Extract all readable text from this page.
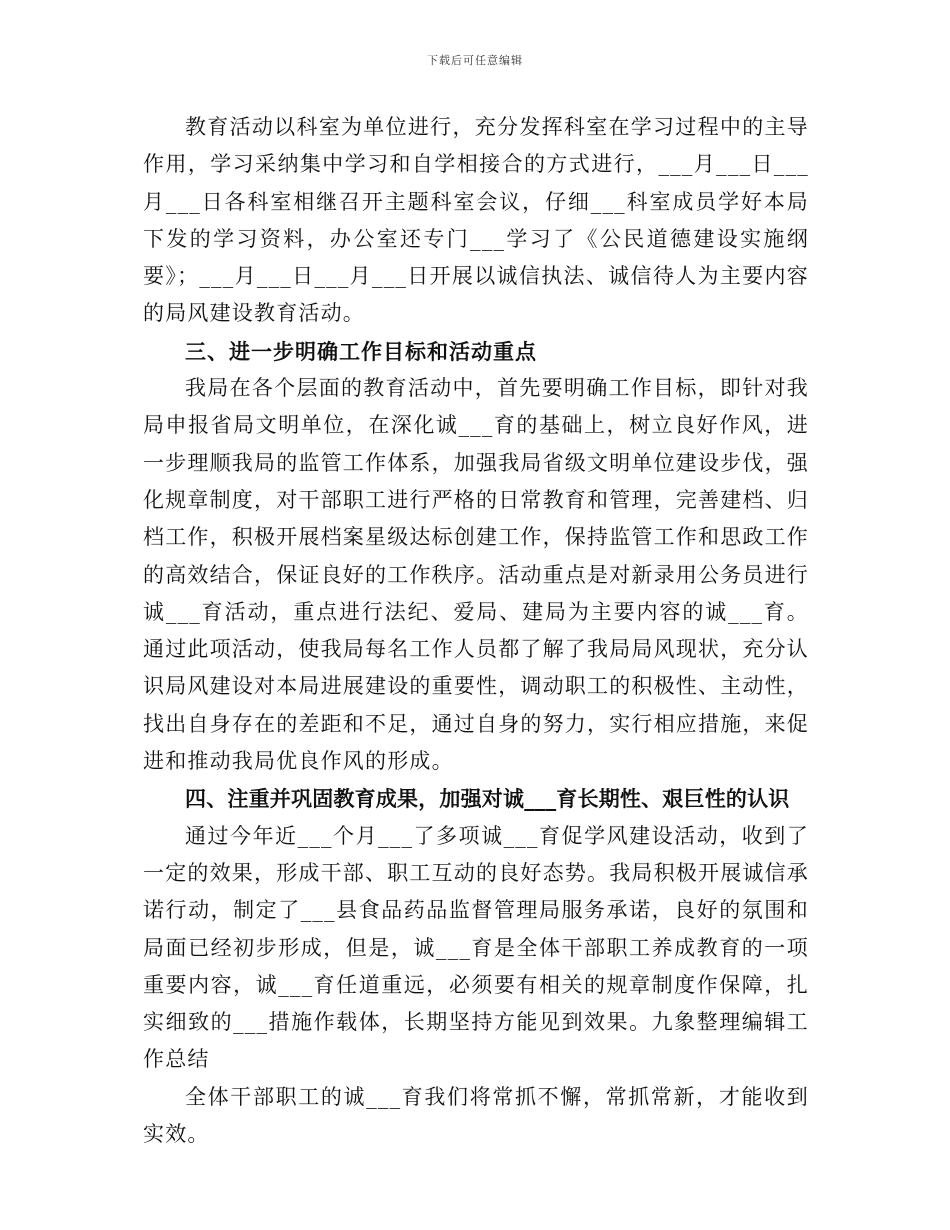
下载后可任意编辑

教育活动以科室为单位进行，充分发挥科室在学习过程中的主导作用，学习采纳集中学习和自学相接合的方式进行，___月___日___月___日各科室相继召开主题科室会议，仔细___科室成员学好本局下发的学习资料，办公室还专门___学习了《公民道德建设实施纲要》；___月___日___月___日开展以诚信执法、诚信待人为主要内容的局风建设教育活动。

三、进一步明确工作目标和活动重点

我局在各个层面的教育活动中，首先要明确工作目标，即针对我局申报省局文明单位，在深化诚___育的基础上，树立良好作风，进一步理顺我局的监管工作体系，加强我局省级文明单位建设步伐，强化规章制度，对干部职工进行严格的日常教育和管理，完善建档、归档工作，积极开展档案星级达标创建工作，保持监管工作和思政工作的高效结合，保证良好的工作秩序。活动重点是对新录用公务员进行诚___育活动，重点进行法纪、爱局、建局为主要内容的诚___育。通过此项活动，使我局每名工作人员都了解了我局局风现状，充分认识局风建设对本局进展建设的重要性，调动职工的积极性、主动性，找出自身存在的差距和不足，通过自身的努力，实行相应措施，来促进和推动我局优良作风的形成。

四、注重并巩固教育成果，加强对诚___育长期性、艰巨性的认识

通过今年近___个月___了多项诚___育促学风建设活动，收到了一定的效果，形成干部、职工互动的良好态势。我局积极开展诚信承诺行动，制定了___县食品药品监督管理局服务承诺，良好的氛围和局面已经初步形成，但是，诚___育是全体干部职工养成教育的一项重要内容，诚___育任道重远，必须要有相关的规章制度作保障，扎实细致的___措施作载体，长期坚持方能见到效果。九象整理编辑工作总结

全体干部职工的诚___育我们将常抓不懈，常抓常新，才能收到实效。
